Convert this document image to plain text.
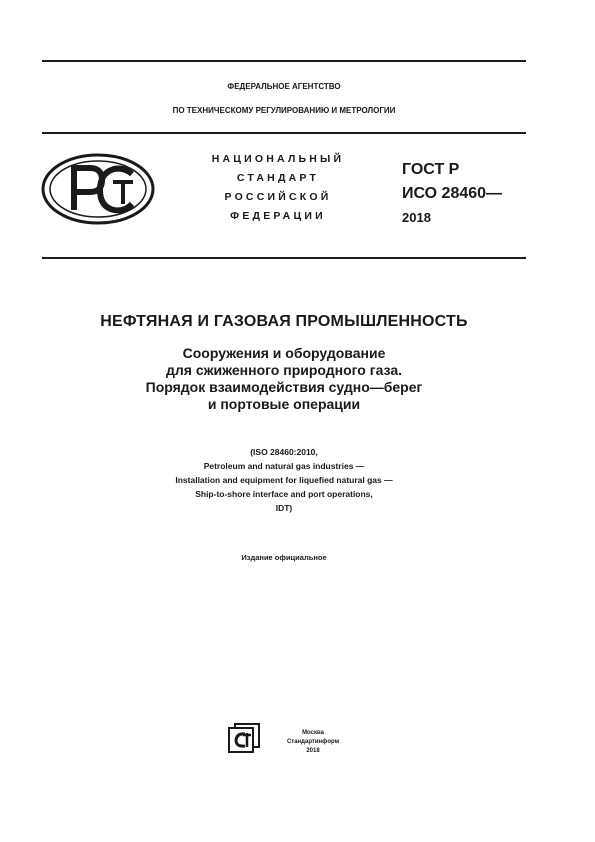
ФЕДЕРАЛЬНОЕ АГЕНТСТВО
ПО ТЕХНИЧЕСКОМУ РЕГУЛИРОВАНИЮ И МЕТРОЛОГИИ
НАЦИОНАЛЬНЫЙ
СТАНДАРТ
РОССИЙСКОЙ
ФЕДЕРАЦИИ
ГОСТ Р
ИСО 28460—
2018
НЕФТЯНАЯ И ГАЗОВАЯ ПРОМЫШЛЕННОСТЬ
Сооружения и оборудование
для сжиженного природного газа.
Порядок взаимодействия судно—берег
и портовые операции
(ISO 28460:2010,
Petroleum and natural gas industries —
Installation and equipment for liquefied natural gas —
Ship-to-shore interface and port operations,
IDT)
Издание официальное
Москва
Стандартинформ
2018
